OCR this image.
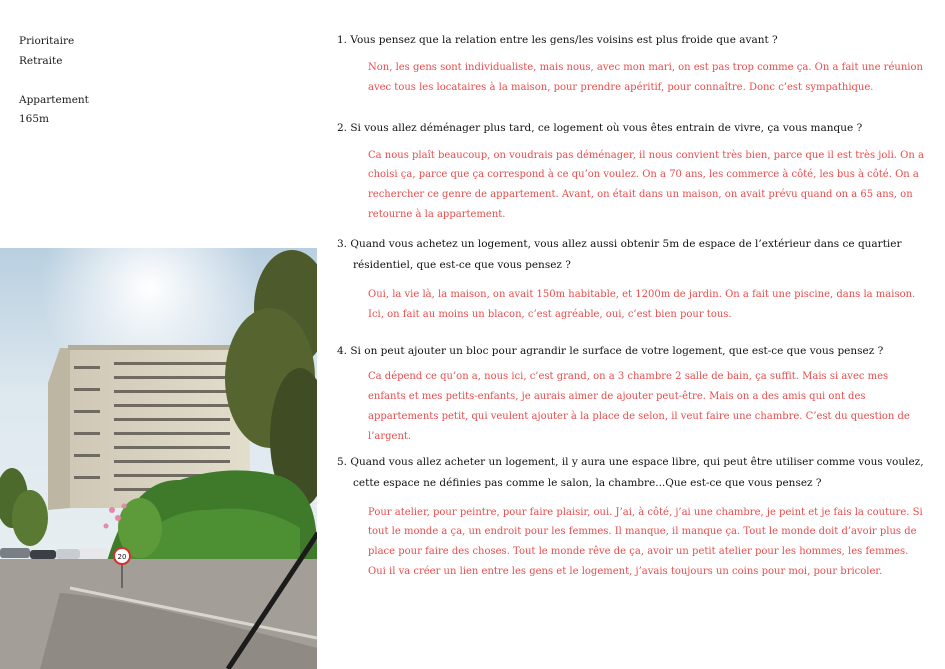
Prioritaire
Retraite
Appartement
165m
20

1. Vous pensez que la relation entre les gens/les voisins est plus froide que avant ?

Non, les gens sont individualiste, mais nous, avec mon mari, on est pas trop comme ça. On a fait une réunion avec tous les locataires à la maison, pour prendre apéritif, pour connaître. Donc c’est sympathique.

2. Si vous allez déménager plus tard, ce logement où vous êtes entrain de vivre, ça vous manque ?

Ca nous plaît beaucoup, on voudrais pas déménager, il nous convient très bien, parce que il est très joli. On a choisi ça, parce que ça correspond à ce qu’on voulez. On a 70 ans, les commerce à côté, les bus à côté. On a rechercher ce genre de appartement. Avant, on était dans un maison, on avait prévu quand on a 65 ans, on retourne à la appartement.

3. Quand vous achetez un logement, vous allez aussi obtenir 5m de espace de l’extérieur dans ce quartier résidentiel, que est-ce que vous pensez ?

Oui, la vie là, la maison, on avait 150m habitable, et 1200m de jardin. On a fait une piscine, dans la maison. Ici, on fait au moins un blacon, c’est agréable, oui, c’est bien pour tous.

4. Si on peut ajouter un bloc pour agrandir le surface de votre logement, que est-ce que vous pensez ?

Ca dépend ce qu’on a, nous ici, c’est grand, on a 3 chambre 2 salle de bain, ça suffit. Mais si avec mes enfants et mes petits-enfants, je aurais aimer de ajouter peut-être. Mais on a des amis qui ont des appartements petit, qui veulent ajouter à la place de selon, il veut faire une chambre. C’est du question de l’argent.

5. Quand vous allez acheter un logement, il y aura une espace libre, qui peut être utiliser comme vous voulez, cette espace ne définies pas comme le salon, la chambre...Que est-ce que vous pensez ?

Pour atelier, pour peintre, pour faire plaisir, oui. J’ai, à côté, j’ai une chambre, je peint et je fais la couture. Si tout le monde a ça, un endroit pour les femmes. Il manque, il manque ça. Tout le monde doit d’avoir plus de place pour faire des choses. Tout le monde rêve de ça, avoir un petit atelier pour les hommes, les femmes. Oui il va créer un lien entre les gens et le logement, j’avais toujours un coins pour moi, pour bricoler.
